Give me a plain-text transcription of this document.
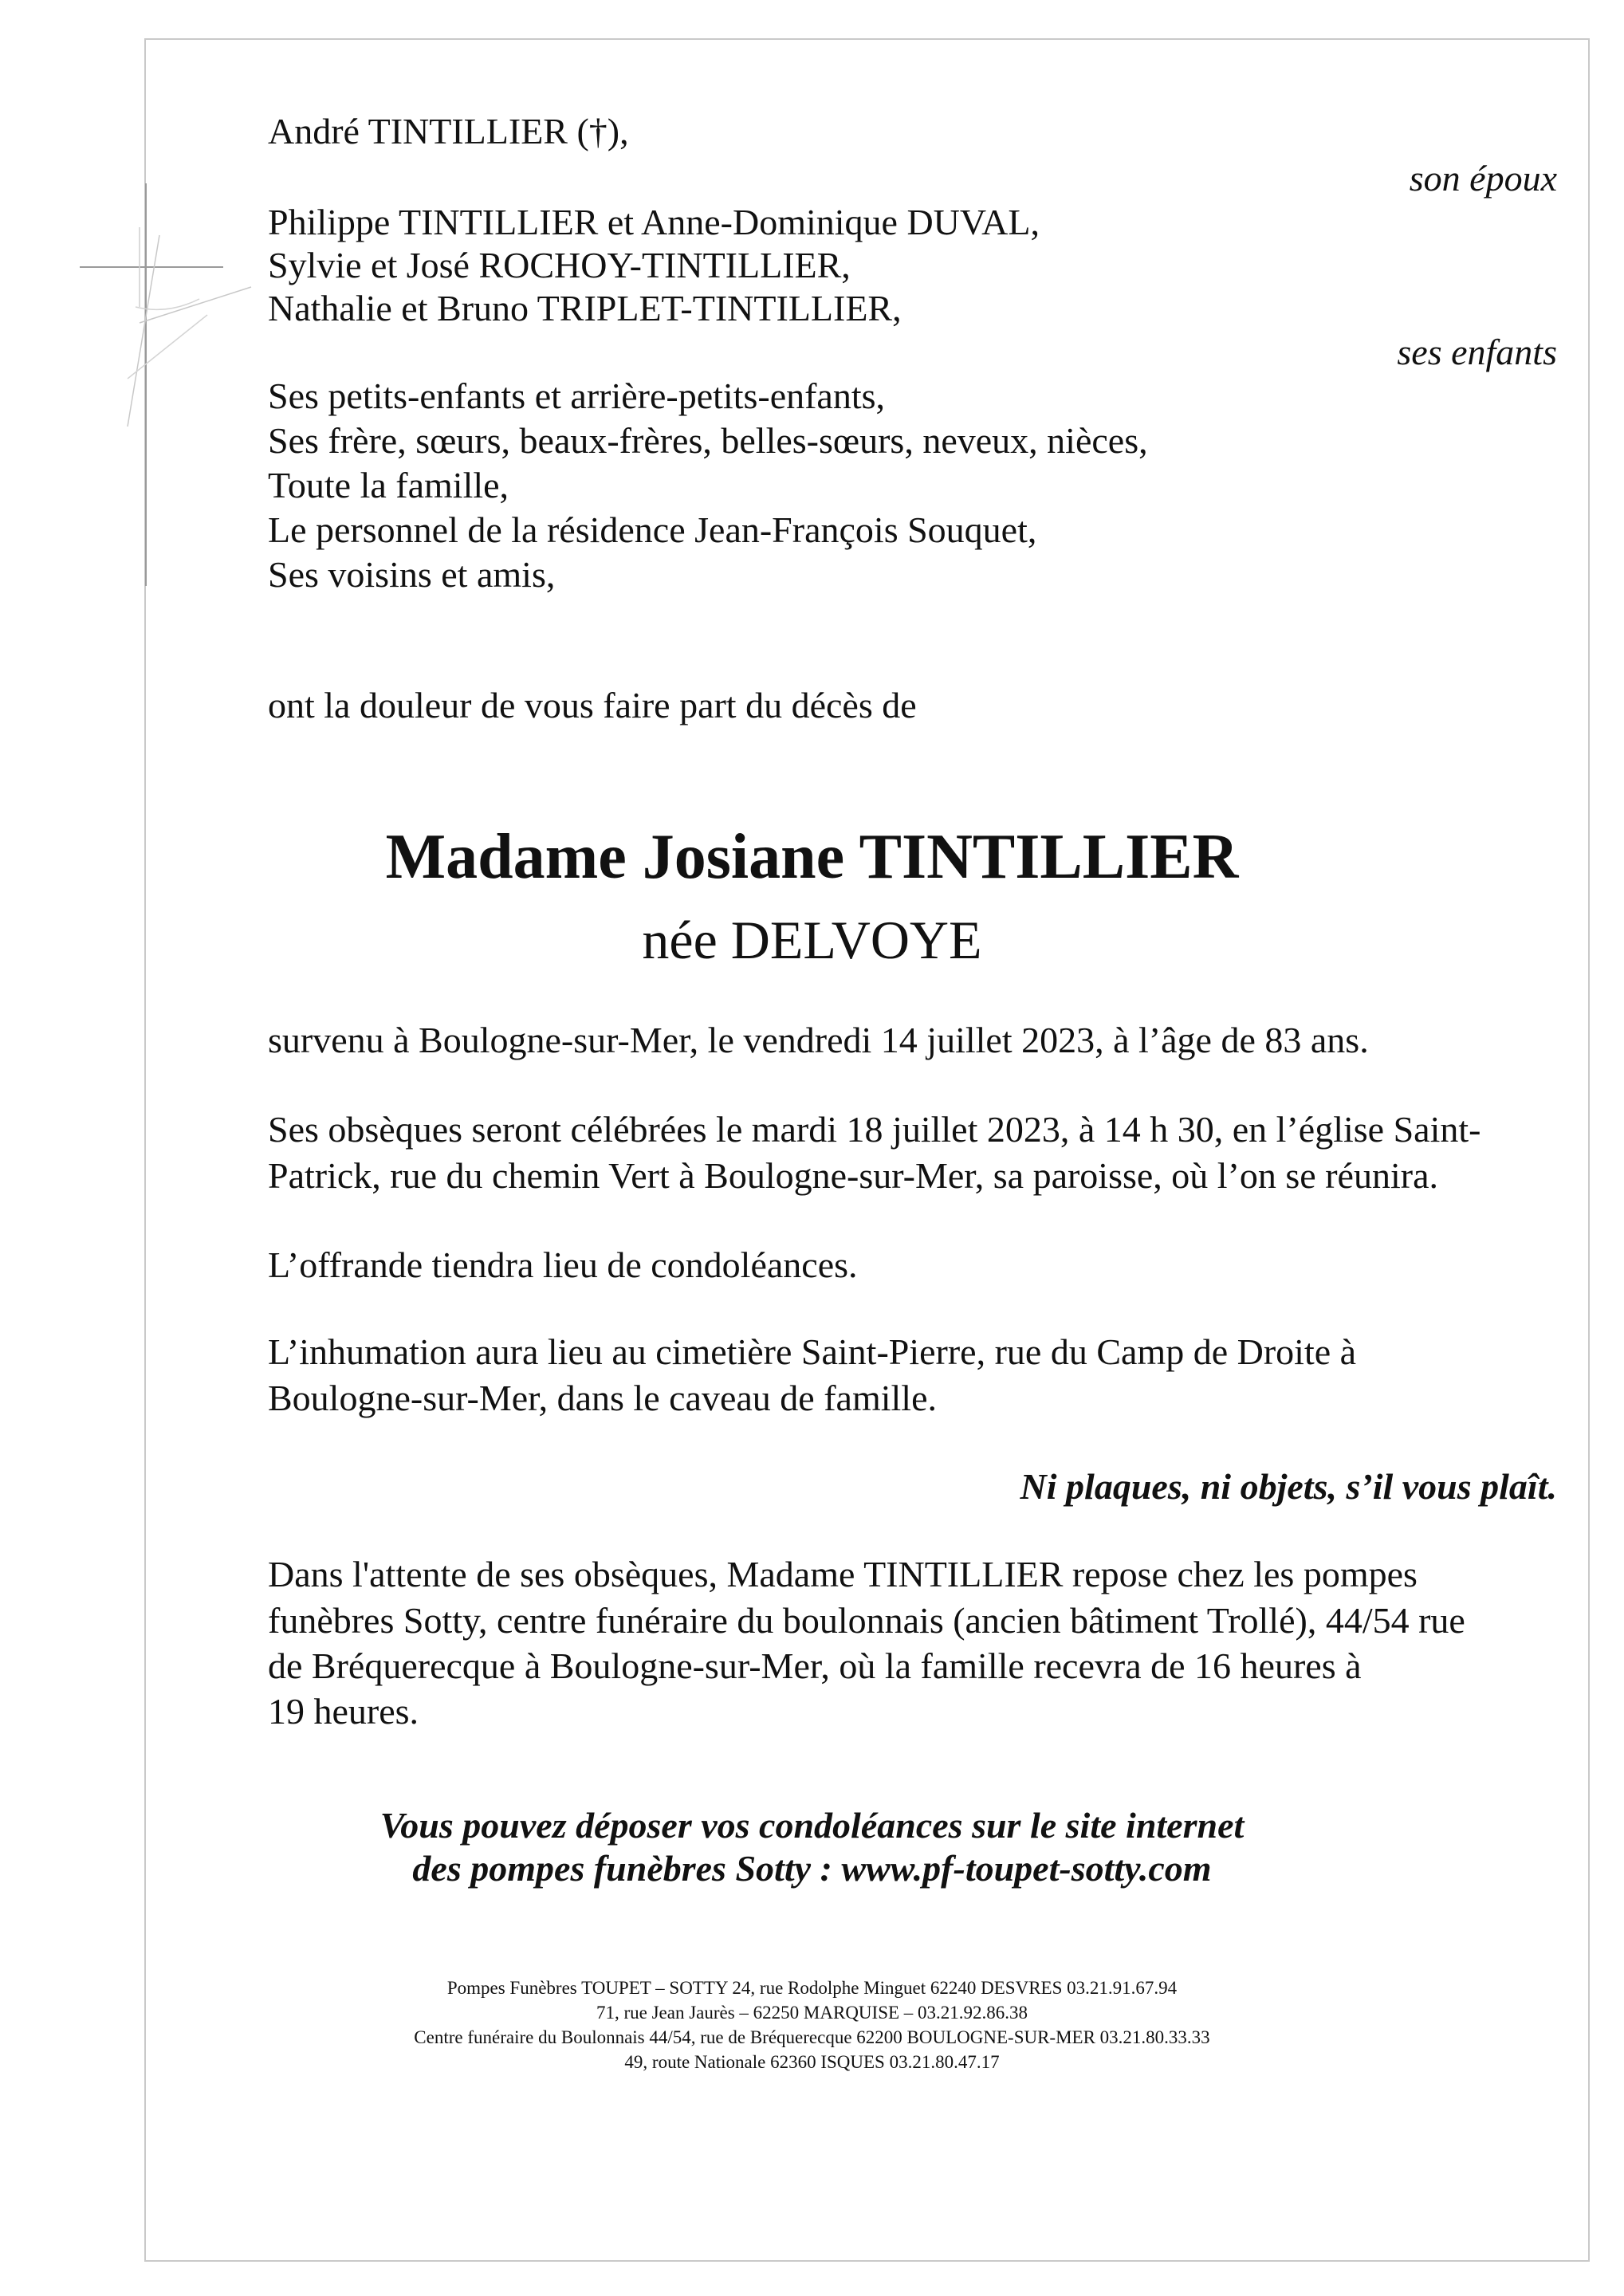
André TINTILLIER (†),
son époux
Philippe TINTILLIER et Anne-Dominique DUVAL,
Sylvie et José ROCHOY-TINTILLIER,
Nathalie et Bruno TRIPLET-TINTILLIER,
ses enfants
Ses petits-enfants et arrière-petits-enfants,
Ses frère, sœurs, beaux-frères, belles-sœurs, neveux, nièces,
Toute la famille,
Le personnel de la résidence Jean-François Souquet,
Ses voisins et amis,
ont la douleur de vous faire part du décès de
Madame Josiane TINTILLIER
née DELVOYE
survenu à Boulogne-sur-Mer, le vendredi 14 juillet 2023, à l’âge de 83 ans.
Ses obsèques seront célébrées le mardi 18 juillet 2023, à 14 h 30, en l’église Saint-
Patrick, rue du chemin Vert à Boulogne-sur-Mer, sa paroisse, où l’on se réunira.
L’offrande tiendra lieu de condoléances.
L’inhumation aura lieu au cimetière Saint-Pierre, rue du Camp de Droite à
Boulogne-sur-Mer, dans le caveau de famille.
Ni plaques, ni objets, s’il vous plaît.
Dans l'attente de ses obsèques, Madame TINTILLIER repose chez les pompes
funèbres Sotty, centre funéraire du boulonnais (ancien bâtiment Trollé), 44/54 rue
de Bréquerecque à Boulogne-sur-Mer, où la famille recevra de 16 heures à
19 heures.
Vous pouvez déposer vos condoléances sur le site internet
des pompes funèbres Sotty : www.pf-toupet-sotty.com
Pompes Funèbres TOUPET – SOTTY 24, rue Rodolphe Minguet 62240 DESVRES 03.21.91.67.94
71, rue Jean Jaurès – 62250 MARQUISE – 03.21.92.86.38
Centre funéraire du Boulonnais 44/54, rue de Bréquerecque 62200 BOULOGNE-SUR-MER 03.21.80.33.33
49, route Nationale 62360 ISQUES 03.21.80.47.17
